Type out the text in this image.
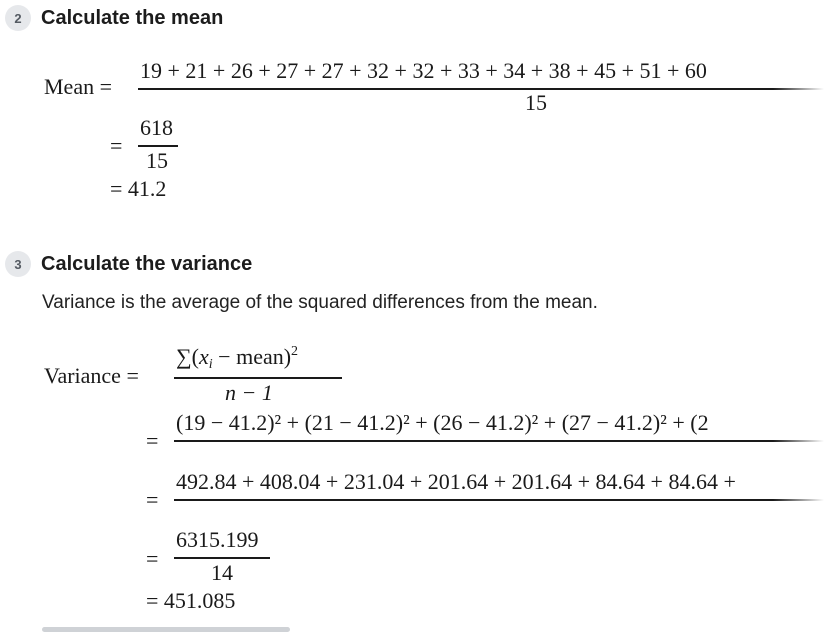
2 Calculate the mean
Mean =
19 + 21 + 26 + 27 + 27 + 32 + 32 + 33 + 34 + 38 + 45 + 51 + 60
15
=
618
15
= 41.2
3 Calculate the variance
Variance is the average of the squared differences from the mean.
Variance =
$\sum(x_i$ − mean)$^2$
n − 1
=
(19 − 41.2)² + (21 − 41.2)² + (26 − 41.2)² + (27 − 41.2)² + (2
=
492.84 + 408.04 + 231.04 + 201.64 + 201.64 + 84.64 + 84.64 +
=
6315.199
14
= 451.085
